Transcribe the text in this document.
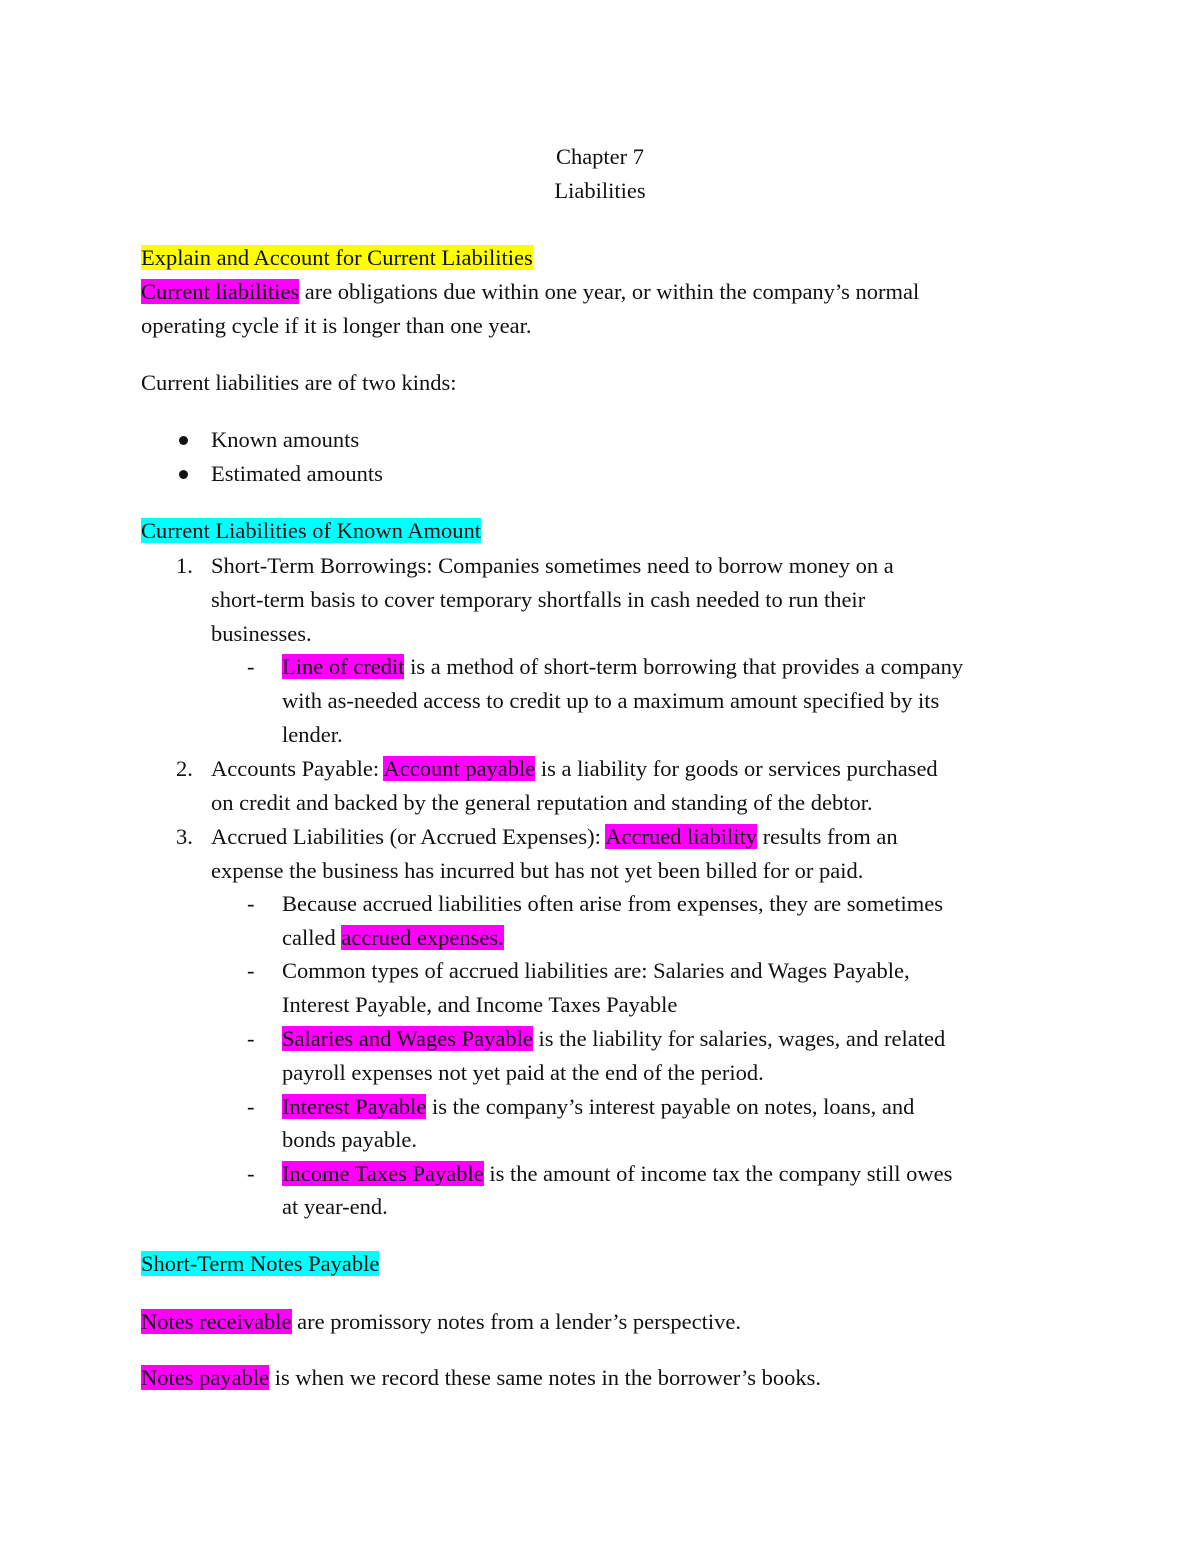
Chapter 7
Liabilities
Explain and Account for Current Liabilities
Current liabilities are obligations due within one year, or within the company’s normal
operating cycle if it is longer than one year.
Current liabilities are of two kinds:
Known amounts
Estimated amounts
Current Liabilities of Known Amount
1. Short-Term Borrowings: Companies sometimes need to borrow money on a
short-term basis to cover temporary shortfalls in cash needed to run their
businesses.
- Line of credit is a method of short-term borrowing that provides a company
with as-needed access to credit up to a maximum amount specified by its
lender.
2. Accounts Payable: Account payable is a liability for goods or services purchased
on credit and backed by the general reputation and standing of the debtor.
3. Accrued Liabilities (or Accrued Expenses): Accrued liability results from an
expense the business has incurred but has not yet been billed for or paid.
- Because accrued liabilities often arise from expenses, they are sometimes
called accrued expenses.
- Common types of accrued liabilities are: Salaries and Wages Payable,
Interest Payable, and Income Taxes Payable
- Salaries and Wages Payable is the liability for salaries, wages, and related
payroll expenses not yet paid at the end of the period.
- Interest Payable is the company’s interest payable on notes, loans, and
bonds payable.
- Income Taxes Payable is the amount of income tax the company still owes
at year-end.
Short-Term Notes Payable
Notes receivable are promissory notes from a lender’s perspective.
Notes payable is when we record these same notes in the borrower’s books.
